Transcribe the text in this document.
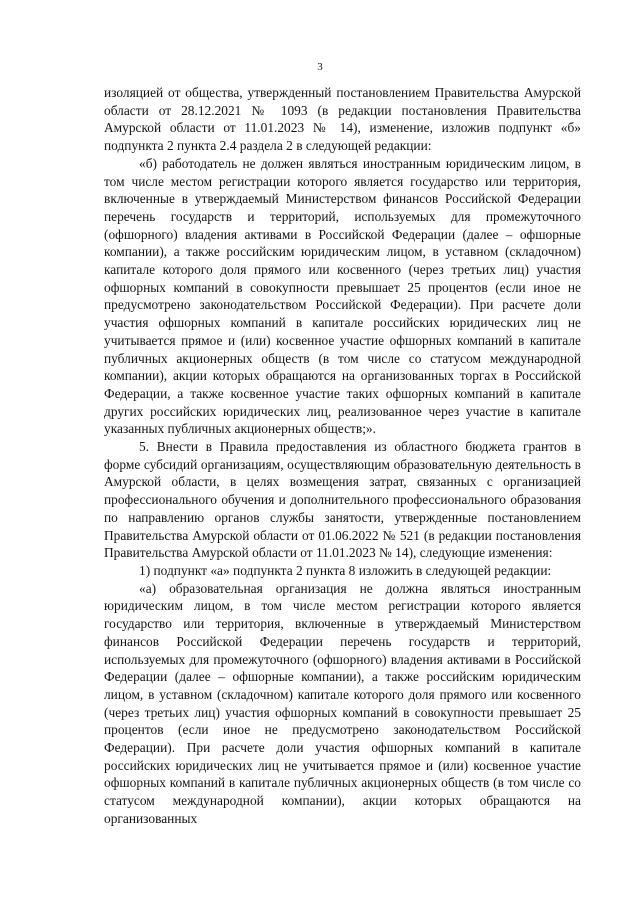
3

изоляцией от общества, утвержденный постановлением Правительства Амурской области от 28.12.2021 № 1093 (в редакции постановления Правительства Амурской области от 11.01.2023 № 14), изменение, изложив подпункт «б» подпункта 2 пункта 2.4 раздела 2 в следующей редакции:

«б) работодатель не должен являться иностранным юридическим лицом, в том числе местом регистрации которого является государство или территория, включенные в утверждаемый Министерством финансов Российской Федерации перечень государств и территорий, используемых для промежуточного (офшорного) владения активами в Российской Федерации (далее – офшорные компании), а также российским юридическим лицом, в уставном (складочном) капитале которого доля прямого или косвенного (через третьих лиц) участия офшорных компаний в совокупности превышает 25 процентов (если иное не предусмотрено законодательством Российской Федерации). При расчете доли участия офшорных компаний в капитале российских юридических лиц не учитывается прямое и (или) косвенное участие офшорных компаний в капитале публичных акционерных обществ (в том числе со статусом международной компании), акции которых обращаются на организованных торгах в Российской Федерации, а также косвенное участие таких офшорных компаний в капитале других российских юридических лиц, реализованное через участие в капитале указанных публичных акционерных обществ;».

5. Внести в Правила предоставления из областного бюджета грантов в форме субсидий организациям, осуществляющим образовательную деятельность в Амурской области, в целях возмещения затрат, связанных с организацией профессионального обучения и дополнительного профессионального образования по направлению органов службы занятости, утвержденные постановлением Правительства Амурской области от 01.06.2022 № 521 (в редакции постановления Правительства Амурской области от 11.01.2023 № 14), следующие изменения:

1) подпункт «а» подпункта 2 пункта 8 изложить в следующей редакции:

«а) образовательная организация не должна являться иностранным юридическим лицом, в том числе местом регистрации которого является государство или территория, включенные в утверждаемый Министерством финансов Российской Федерации перечень государств и территорий, используемых для промежуточного (офшорного) владения активами в Российской Федерации (далее – офшорные компании), а также российским юридическим лицом, в уставном (складочном) капитале которого доля прямого или косвенного (через третьих лиц) участия офшорных компаний в совокупности превышает 25 процентов (если иное не предусмотрено законодательством Российской Федерации). При расчете доли участия офшорных компаний в капитале российских юридических лиц не учитывается прямое и (или) косвенное участие офшорных компаний в капитале публичных акционерных обществ (в том числе со статусом международной компании), акции которых обращаются на организованных
